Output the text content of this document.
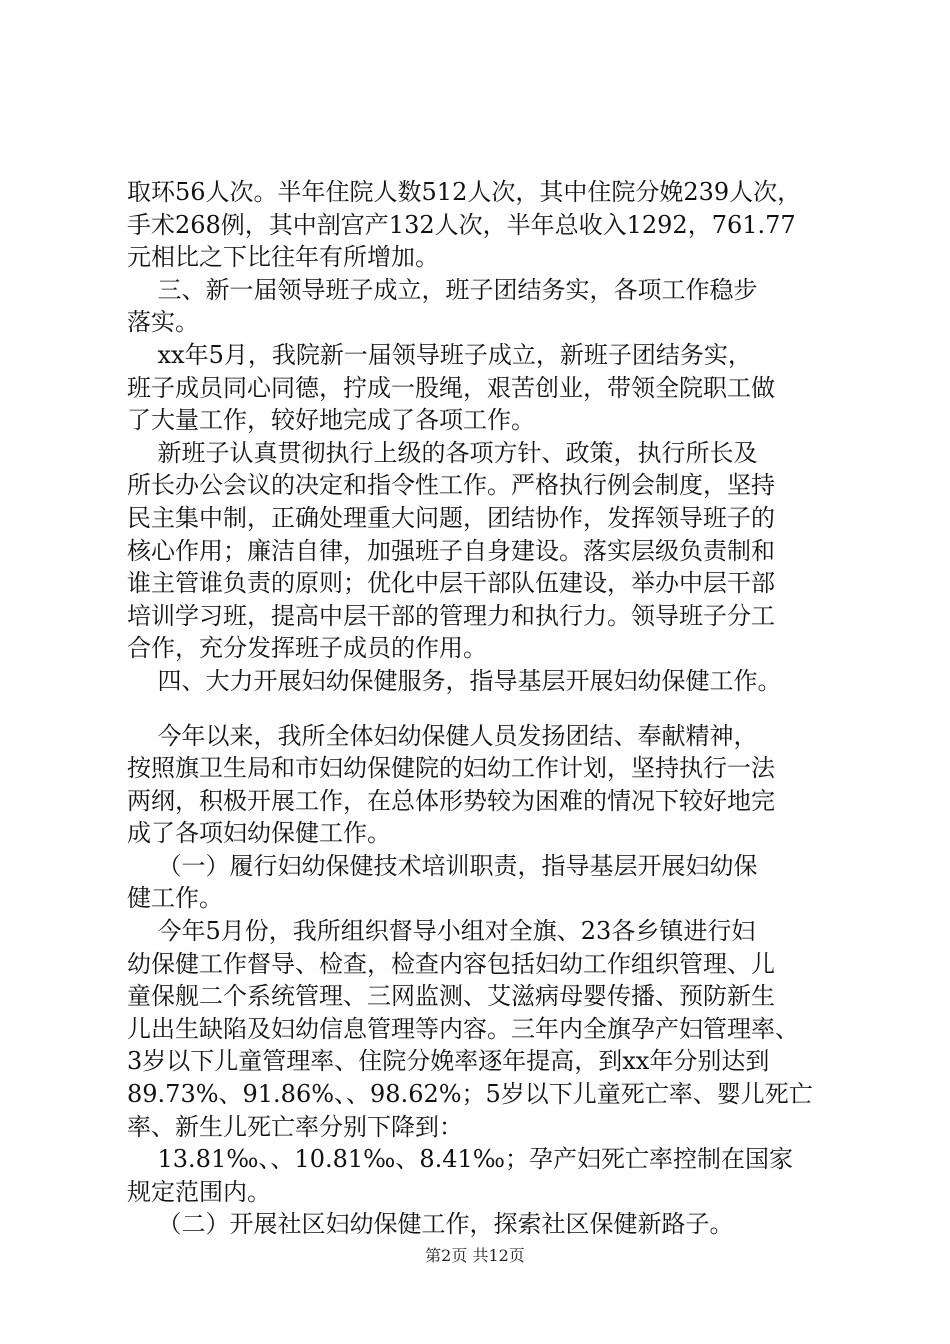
取环56人次。半年住院人数512人次，其中住院分娩239人次，
手术268例，其中剖宫产132人次，半年总收入1292，761.77
元相比之下比往年有所增加。
三、新一届领导班子成立，班子团结务实，各项工作稳步
落实。
xx年5月，我院新一届领导班子成立，新班子团结务实，
班子成员同心同德，拧成一股绳，艰苦创业，带领全院职工做
了大量工作，较好地完成了各项工作。
新班子认真贯彻执行上级的各项方针、政策，执行所长及
所长办公会议的决定和指令性工作。严格执行例会制度，坚持
民主集中制，正确处理重大问题，团结协作，发挥领导班子的
核心作用；廉洁自律，加强班子自身建设。落实层级负责制和
谁主管谁负责的原则；优化中层干部队伍建设，举办中层干部
培训学习班，提高中层干部的管理力和执行力。领导班子分工
合作，充分发挥班子成员的作用。
四、大力开展妇幼保健服务，指导基层开展妇幼保健工作。
今年以来，我所全体妇幼保健人员发扬团结、奉献精神，
按照旗卫生局和市妇幼保健院的妇幼工作计划，坚持执行一法
两纲，积极开展工作，在总体形势较为困难的情况下较好地完
成了各项妇幼保健工作。
（一）履行妇幼保健技术培训职责，指导基层开展妇幼保
健工作。
今年5月份，我所组织督导小组对全旗、23各乡镇进行妇
幼保健工作督导、检查，检查内容包括妇幼工作组织管理、儿
童保舰二个系统管理、三网监测、艾滋病母婴传播、预防新生
儿出生缺陷及妇幼信息管理等内容。三年内全旗孕产妇管理率、
3岁以下儿童管理率、住院分娩率逐年提高，到xx年分别达到
89.73%、91.86%、、98.62%；5岁以下儿童死亡率、婴儿死亡
率、新生儿死亡率分别下降到：
13.81‰、、10.81‰、8.41‰；孕产妇死亡率控制在国家
规定范围内。
（二）开展社区妇幼保健工作，探索社区保健新路子。
第2页 共12页
